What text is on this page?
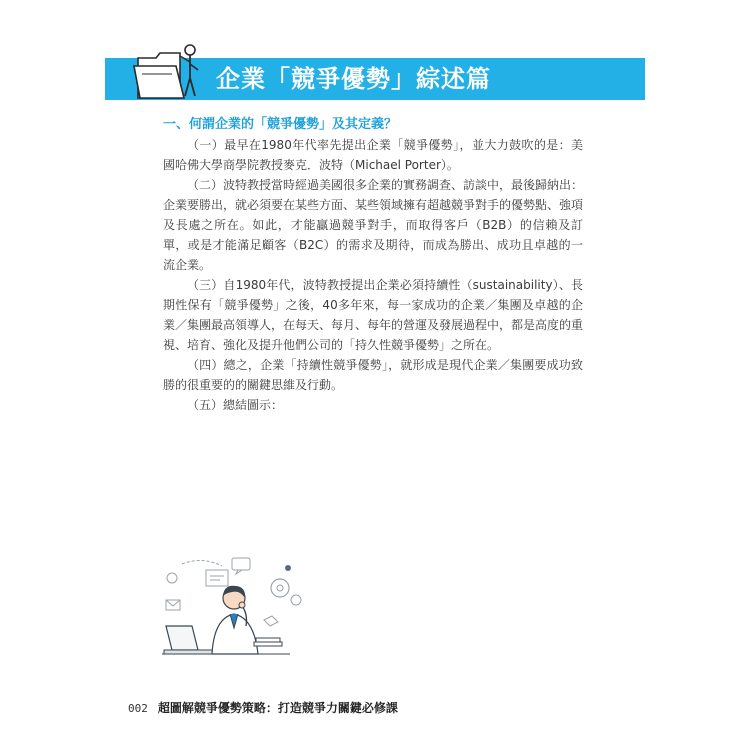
企業「競爭優勢」綜述篇
一、何謂企業的「競爭優勢」及其定義？

（一）最早在1980年代率先提出企業「競爭優勢」，並大力鼓吹的是：美國哈佛大學商學院教授麥克．波特（Michael Porter）。

（二）波特教授當時經過美國很多企業的實務調查、訪談中，最後歸納出：企業要勝出，就必須要在某些方面、某些領域擁有超越競爭對手的優勢點、強項及長處之所在。如此，才能贏過競爭對手，而取得客戶（B2B）的信賴及訂單，或是才能滿足顧客（B2C）的需求及期待，而成為勝出、成功且卓越的一流企業。

（三）自1980年代，波特教授提出企業必須持續性（sustainability）、長期性保有「競爭優勢」之後，40多年來，每一家成功的企業／集團及卓越的企業／集團最高領導人，在每天、每月、每年的營運及發展過程中，都是高度的重視、培育、強化及提升他們公司的「持久性競爭優勢」之所在。

（四）總之，企業「持續性競爭優勢」，就形成是現代企業／集團要成功致勝的很重要的的關鍵思維及行動。

（五）總結圖示：

002 超圖解競爭優勢策略：打造競爭力關鍵必修課
